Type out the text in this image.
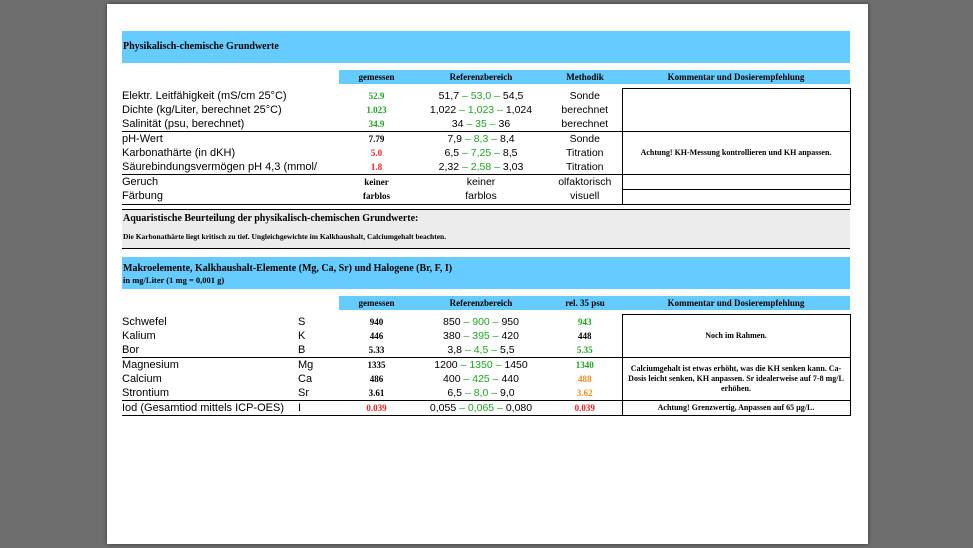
Physikalisch-chemische Grundwerte
	gemessen	Referenzbereich	Methodik	Kommentar und Dosierempfehlung

Elektr. Leitfähigkeit (mS/cm 25°C)	52.9	51,7 – 53,0 – 54,5	Sonde	
Dichte (kg/Liter, berechnet 25°C)	1.023	1,022 – 1,023 – 1,024	berechnet	
Salinität (psu, berechnet)	34.9	34 – 35 – 36	berechnet	
pH-Wert	7.79	7,9 – 8,3 – 8,4	Sonde	Achtung! KH-Messung kontrollieren und KH anpassen.
Karbonathärte (in dKH)	5.0	6,5 – 7,25 – 8,5	Titration	
Säurebindungsvermögen pH 4,3 (mmol/	1.8	2,32 – 2,58 – 3,03	Titration	
Geruch	keiner	keiner	olfaktorisch	
Färbung	farblos	farblos	visuell	
Aquaristische Beurteilung der physikalisch-chemischen Grundwerte:
Die Karbonathärte liegt kritisch zu tief. Ungleichgewichte im Kalkhaushalt, Calciumgehalt beachten.
Makroelemente, Kalkhaushalt-Elemente (Mg, Ca, Sr) und Halogene (Br, F, I)
in mg/Liter (1 mg = 0,001 g)
		gemessen	Referenzbereich	rel. 35 psu	Kommentar und Dosierempfehlung

Schwefel	S	940	850 – 900 – 950	943	Noch im Rahmen.
Kalium	K	446	380 – 395 – 420	448	
Bor	B	5.33	3,8 – 4,5 – 5,5	5.35	
Magnesium	Mg	1335	1200 – 1350 – 1450	1340	Calciumgehalt ist etwas erhöht, was die KH senken kann. Ca-Dosis leicht senken, KH anpassen. Sr idealerweise auf 7-8 mg/L erhöhen.
Calcium	Ca	486	400 – 425 – 440	488	
Strontium	Sr	3.61	6,5 – 8,0 – 9,0	3.62	
Iod (Gesamtiod mittels ICP-OES)	I	0.039	0,055 – 0,065 – 0,080	0.039	Achtung! Grenzwertig, Anpassen auf 65 µg/L.
